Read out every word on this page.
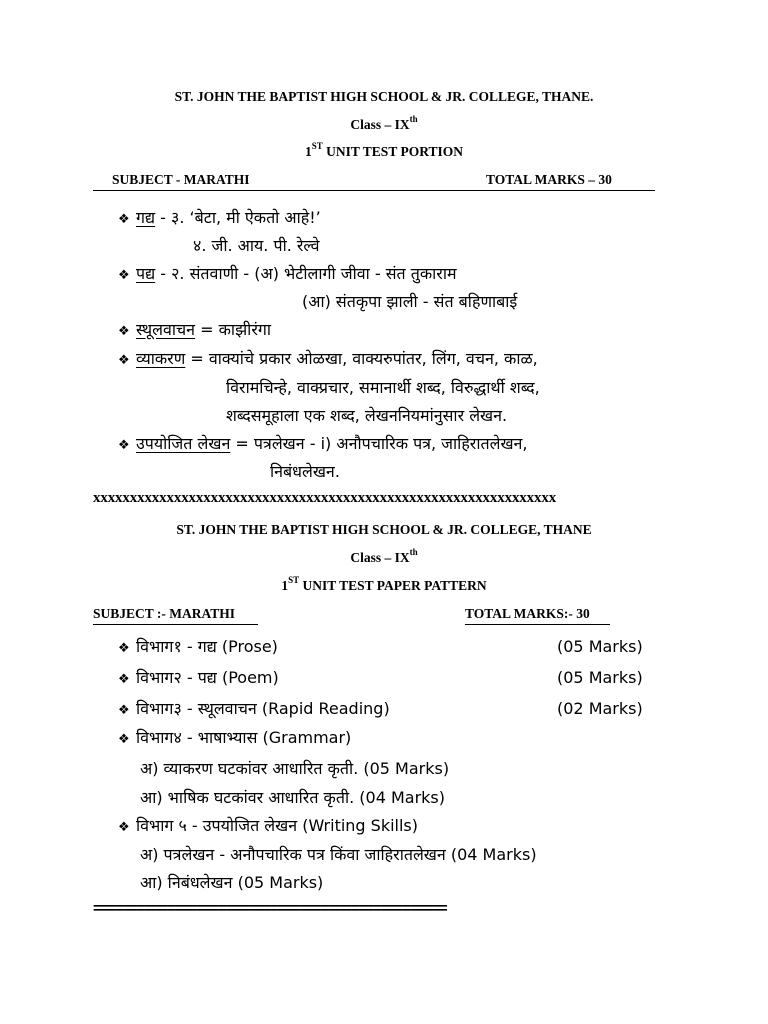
ST. JOHN THE BAPTIST HIGH SCHOOL & JR. COLLEGE, THANE.
Class – IXth
1ST UNIT TEST PORTION
SUBJECT - MARATHI	TOTAL MARKS – 30
❖ गद्य - ३. ‘बेटा, मी ऐकतो आहे!’
४. जी. आय. पी. रेल्वे
❖ पद्य - २. संतवाणी - (अ) भेटीलागी जीवा - संत तुकाराम
(आ) संतकृपा झाली - संत बहिणाबाई
❖ स्थूलवाचन = काझीरंगा
❖ व्याकरण = वाक्यांचे प्रकार ओळखा, वाक्यरुपांतर, लिंग, वचन, काळ,
विरामचिन्हे, वाक्प्रचार, समानार्थी शब्द, विरुद्धार्थी शब्द,
शब्दसमूहाला एक शब्द, लेखननियमांनुसार लेखन.
❖ उपयोजित लेखन = पत्रलेखन - i) अनौपचारिक पत्र, जाहिरातलेखन,
निबंधलेखन.
xxxxxxxxxxxxxxxxxxxxxxxxxxxxxxxxxxxxxxxxxxxxxxxxxxxxxxxxxxxxxxx
ST. JOHN THE BAPTIST HIGH SCHOOL & JR. COLLEGE, THANE
Class – IXth
1ST UNIT TEST PAPER PATTERN
SUBJECT :- MARATHI	TOTAL MARKS:- 30
❖ विभाग१ - गद्य (Prose)	(05 Marks)
❖ विभाग२ - पद्य (Poem)	(05 Marks)
❖ विभाग३ - स्थूलवाचन (Rapid Reading)	(02 Marks)
❖ विभाग४ - भाषाभ्यास (Grammar)
अ) व्याकरण घटकांवर आधारित कृती. (05 Marks)
आ) भाषिक घटकांवर आधारित कृती. (04 Marks)
❖ विभाग ५ - उपयोजित लेखन (Writing Skills)
अ) पत्रलेखन - अनौपचारिक पत्र किंवा जाहिरातलेखन (04 Marks)
आ) निबंधलेखन (05 Marks)
================================================
